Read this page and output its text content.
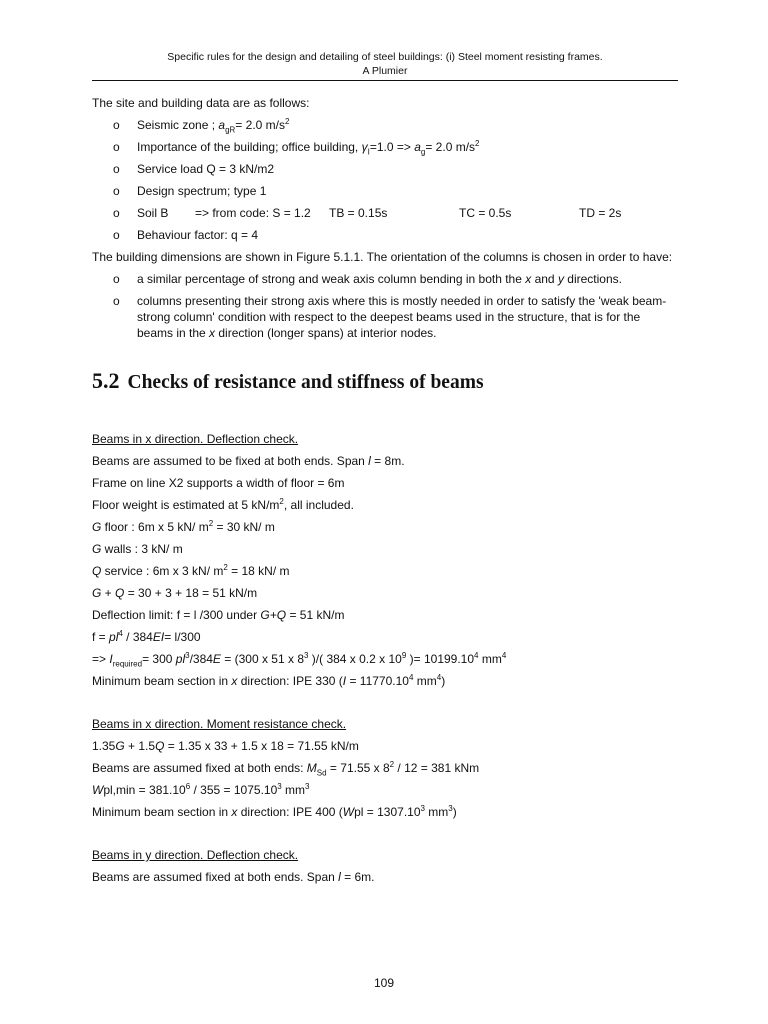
Specific rules for the design and detailing of steel buildings: (i) Steel moment resisting frames.
A Plumier

The site and building data are as follows:

o Seismic zone ; $a_{gR}= 2.0$ $m/s^2$
o Importance of the building; office building, $\gamma_I=1.0 => a_g= 2.0$ $m/s^2$
o Service load Q = 3 kN/m2
o Design spectrum; type 1
o Soil B => from code: S = 1.2 TB = 0.15s	TC = 0.5s	TD = 2s
o Behaviour factor: q = 4

The building dimensions are shown in Figure 5.1.1. The orientation of the columns is chosen in order to have:

o a similar percentage of strong and weak axis column bending in both the x and y directions.
o columns presenting their strong axis where this is mostly needed in order to satisfy the 'weak beam-strong column' condition with respect to the deepest beams used in the structure, that is for the beams in the x direction (longer spans) at interior nodes.
5.2 Checks of resistance and stiffness of beams

Beams in x direction. Deflection check.

Beams are assumed to be fixed at both ends. Span l = 8m.

Frame on line X2 supports a width of floor = 6m

Floor weight is estimated at 5 $kN/m^2$, all included.

G floor : 6m x 5 kN/ $m^2 = 30$ kN/ m

G walls : 3 kN/ m

Q service : 6m x 3 kN/ $m^2 = 18$ kN/ m

G + Q = 30 + 3 + 18 = 51 kN/m

Deflection limit: f = l /300 under G+Q = 51 kN/m

$f = pl^4 / 384EI= l/300$

=> $I_{required}= 300$ $pl^3/384E = (300$ x 51 x $8^3$ )/( 384 x 0.2 x $10^9$ )= $10199.10^4$ $mm^4$

Minimum beam section in x direction: IPE 330 ($I = 11770.10^4$ $mm^4$)

Beams in x direction. Moment resistance check.

1.35G + 1.5Q = 1.35 x 33 + 1.5 x 18 = 71.55 kN/m

Beams are assumed fixed at both ends: $M_{Sd} = 71.55$ x $8^2 / 12 = 381$ kNm

$Wpl,\min = 381.10^6 / 355 = 1075.10^3$ $mm^3$

Minimum beam section in x direction: IPE 400 ($Wpl = 1307.10^3$ $mm^3$)

Beams in y direction. Deflection check.

Beams are assumed fixed at both ends. Span l = 6m.

109
